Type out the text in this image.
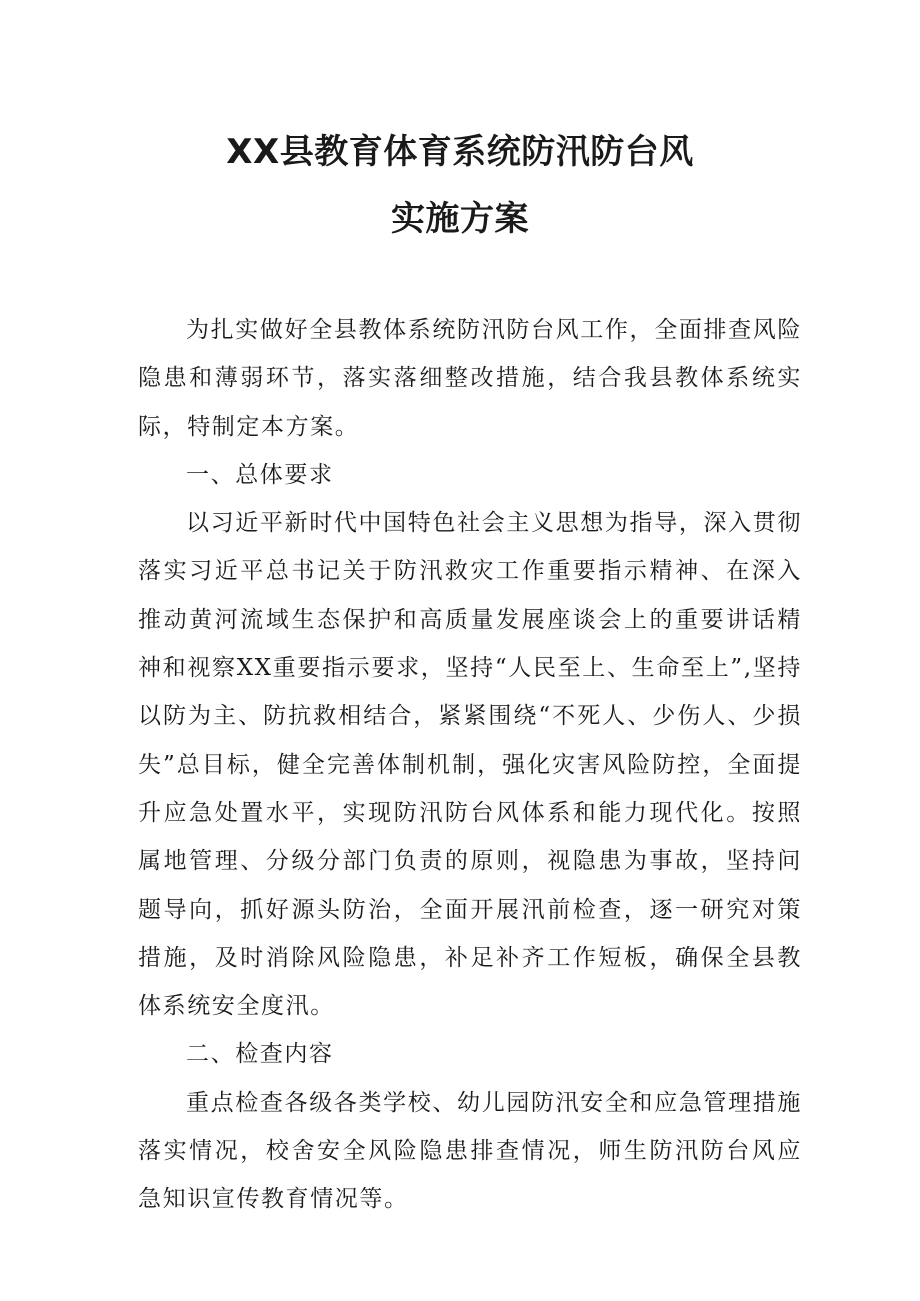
XX县教育体育系统防汛防台风
实施方案

为扎实做好全县教体系统防汛防台风工作，全面排查风险隐患和薄弱环节，落实落细整改措施，结合我县教体系统实际，特制定本方案。

一、总体要求

以习近平新时代中国特色社会主义思想为指导，深入贯彻落实习近平总书记关于防汛救灾工作重要指示精神、在深入推动黄河流域生态保护和高质量发展座谈会上的重要讲话精神和视察XX重要指示要求，坚持“人民至上、生命至上”,坚持以防为主、防抗救相结合，紧紧围绕“不死人、少伤人、少损失”总目标，健全完善体制机制，强化灾害风险防控，全面提升应急处置水平，实现防汛防台风体系和能力现代化。按照属地管理、分级分部门负责的原则，视隐患为事故，坚持问题导向，抓好源头防治，全面开展汛前检查，逐一研究对策措施，及时消除风险隐患，补足补齐工作短板，确保全县教体系统安全度汛。

二、检查内容

重点检查各级各类学校、幼儿园防汛安全和应急管理措施落实情况，校舍安全风险隐患排查情况，师生防汛防台风应急知识宣传教育情况等。
